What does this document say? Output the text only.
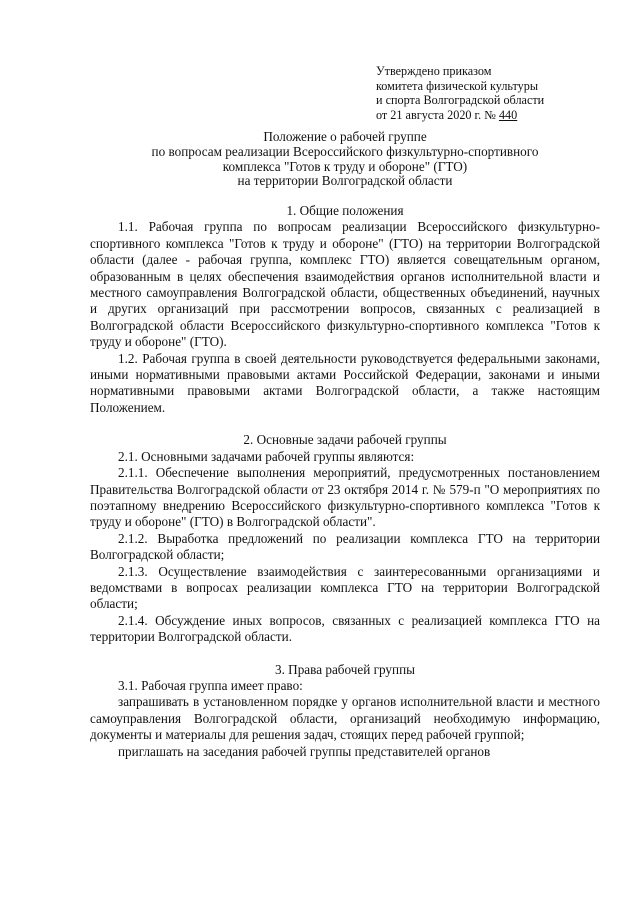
Утверждено приказом
комитета физической культуры
и спорта Волгоградской области
от 21 августа 2020 г. № 440
Положение о рабочей группе
по вопросам реализации Всероссийского физкультурно-спортивного
комплекса "Готов к труду и обороне" (ГТО)
на территории Волгоградской области

1. Общие положения

1.1. Рабочая группа по вопросам реализации Всероссийского физкультурно-спортивного комплекса "Готов к труду и обороне" (ГТО) на территории Волгоградской области (далее - рабочая группа, комплекс ГТО) является совещательным органом, образованным в целях обеспечения взаимодействия органов исполнительной власти и местного самоуправления Волгоградской области, общественных объединений, научных и других организаций при рассмотрении вопросов, связанных с реализацией в Волгоградской области Всероссийского физкультурно-спортивного комплекса "Готов к труду и обороне" (ГТО).

1.2. Рабочая группа в своей деятельности руководствуется федеральными законами, иными нормативными правовыми актами Российской Федерации, законами и иными нормативными правовыми актами Волгоградской области, а также настоящим Положением.

2. Основные задачи рабочей группы

2.1. Основными задачами рабочей группы являются:

2.1.1. Обеспечение выполнения мероприятий, предусмотренных постановлением Правительства Волгоградской области от 23 октября 2014 г. № 579-п "О мероприятиях по поэтапному внедрению Всероссийского физкультурно-спортивного комплекса "Готов к труду и обороне" (ГТО) в Волгоградской области".

2.1.2. Выработка предложений по реализации комплекса ГТО на территории Волгоградской области;

2.1.3. Осуществление взаимодействия с заинтересованными организациями и ведомствами в вопросах реализации комплекса ГТО на территории Волгоградской области;

2.1.4. Обсуждение иных вопросов, связанных с реализацией комплекса ГТО на территории Волгоградской области.

3. Права рабочей группы

3.1. Рабочая группа имеет право:

запрашивать в установленном порядке у органов исполнительной власти и местного самоуправления Волгоградской области, организаций необходимую информацию, документы и материалы для решения задач, стоящих перед рабочей группой;

приглашать на заседания рабочей группы представителей органов
